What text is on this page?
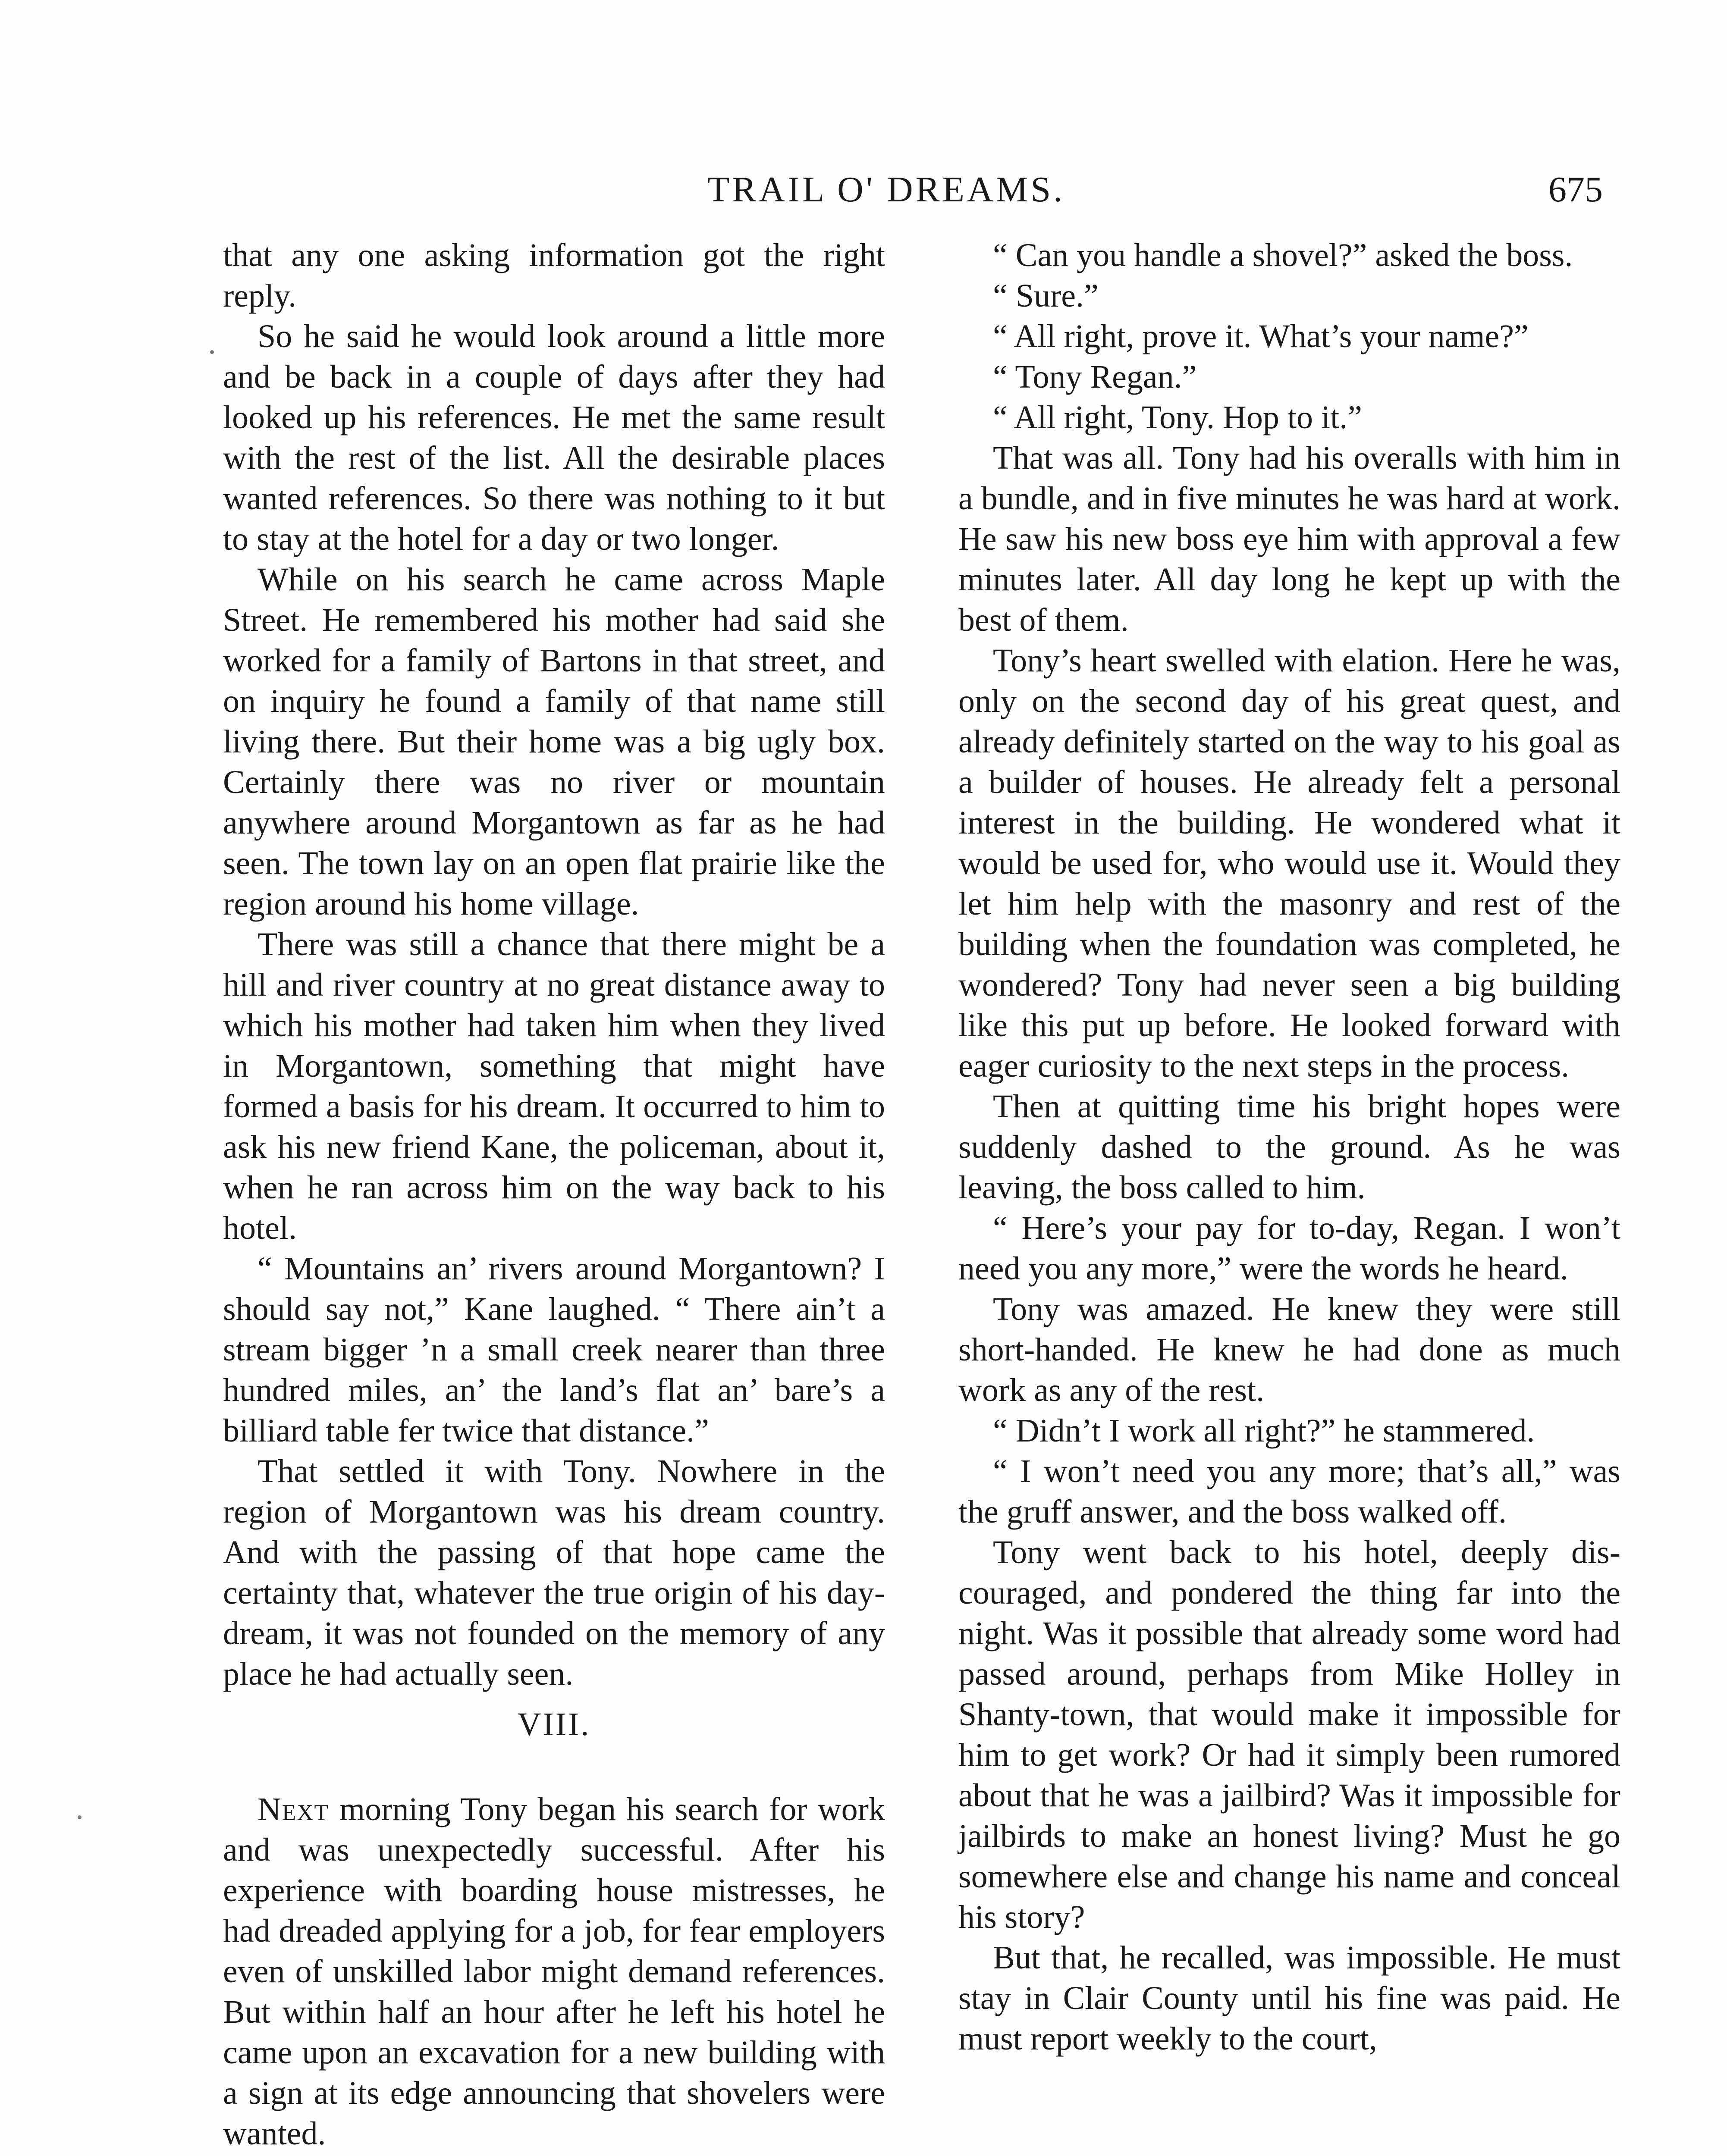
TRAIL O' DREAMS.	675

that any one asking information got the right reply.

So he said he would look around a little more and be back in a couple of days after they had looked up his references. He met the same result with the rest of the list. All the desirable places wanted references. So there was nothing to it but to stay at the hotel for a day or two longer.

While on his search he came across Maple Street. He remembered his mother had said she worked for a family of Bartons in that street, and on inquiry he found a family of that name still living there. But their home was a big ugly box. Certainly there was no river or mountain anywhere around Morgantown as far as he had seen. The town lay on an open flat prairie like the region around his home village.

There was still a chance that there might be a hill and river country at no great distance away to which his mother had taken him when they lived in Morgantown, something that might have formed a basis for his dream. It occurred to him to ask his new friend Kane, the policeman, about it, when he ran across him on the way back to his hotel.

“ Mountains an’ rivers around Morgantown? I should say not,” Kane laughed. “ There ain’t a stream bigger ’n a small creek nearer than three hundred miles, an’ the land’s flat an’ bare’s a billiard table fer twice that distance.”

That settled it with Tony. Nowhere in the region of Morgantown was his dream country. And with the passing of that hope came the certainty that, whatever the true origin of his day-dream, it was not founded on the memory of any place he had actually seen.

VIII.

Next morning Tony began his search for work and was unexpectedly successful. After his experience with boarding house mistresses, he had dreaded applying for a job, for fear employers even of unskilled labor might demand references. But within half an hour after he left his hotel he came upon an excavation for a new building with a sign at its edge announcing that shovelers were wanted.

“ Can you handle a shovel?” asked the boss.

“ Sure.”

“ All right, prove it. What’s your name?”

“ Tony Regan.”

“ All right, Tony. Hop to it.”

That was all. Tony had his overalls with him in a bundle, and in five minutes he was hard at work. He saw his new boss eye him with approval a few minutes later. All day long he kept up with the best of them.

Tony’s heart swelled with elation. Here he was, only on the second day of his great quest, and already definitely started on the way to his goal as a builder of houses. He already felt a personal interest in the building. He wondered what it would be used for, who would use it. Would they let him help with the masonry and rest of the building when the foundation was completed, he wondered? Tony had never seen a big building like this put up before. He looked forward with eager curiosity to the next steps in the process.

Then at quitting time his bright hopes were suddenly dashed to the ground. As he was leaving, the boss called to him.

“ Here’s your pay for to-day, Regan. I won’t need you any more,” were the words he heard.

Tony was amazed. He knew they were still short-handed. He knew he had done as much work as any of the rest.

“ Didn’t I work all right?” he stammered.

“ I won’t need you any more; that’s all,” was the gruff answer, and the boss walked off.

Tony went back to his hotel, deeply discouraged, and pondered the thing far into the night. Was it possible that already some word had passed around, perhaps from Mike Holley in Shanty-town, that would make it impossible for him to get work? Or had it simply been rumored about that he was a jailbird? Was it impossible for jailbirds to make an honest living? Must he go somewhere else and change his name and conceal his story?

But that, he recalled, was impossible. He must stay in Clair County until his fine was paid. He must report weekly to the court,
